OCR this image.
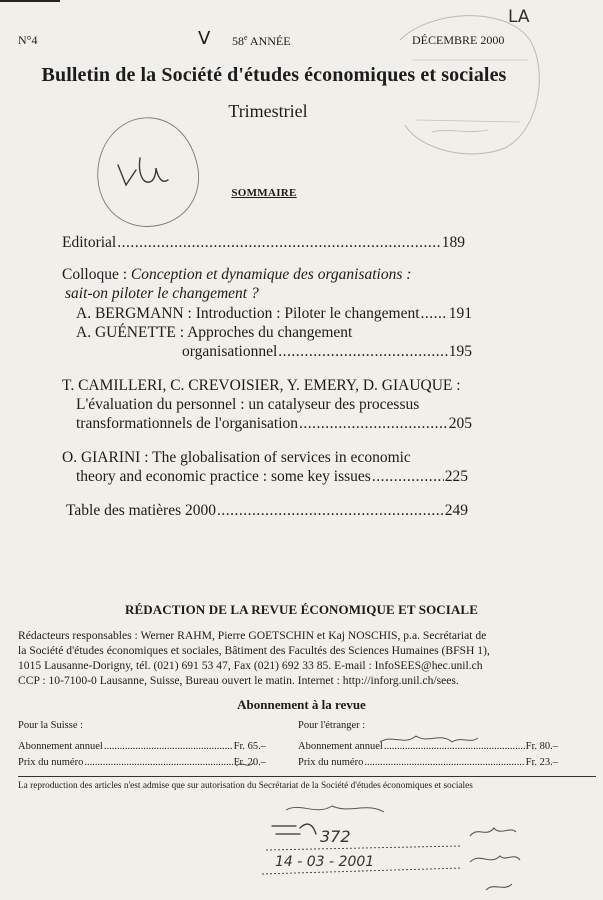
N°4	V 58e ANNÉE	DÉCEMBRE 2000
Bulletin de la Société d'études économiques et sociales
Trimestriel
SOMMAIRE
Editorial .....	189
Colloque : Conception et dynamique des organisations :
sait-on piloter le changement ?
A. BERGMANN : Introduction : Piloter le changement ..... 191
A. GUÉNETTE : Approches du changement
organisationnel .....	195
T. CAMILLERI, C. CREVOISIER, Y. EMERY, D. GIAUQUE :
L'évaluation du personnel : un catalyseur des processus
transformationnels de l'organisation .....	205
O. GIARINI : The globalisation of services in economic
theory and economic practice : some key issues .....	225
Table des matières 2000 .....	249
RÉDACTION DE LA REVUE ÉCONOMIQUE ET SOCIALE
Rédacteurs responsables : Werner RAHM, Pierre GOETSCHIN et Kaj NOSCHIS, p.a. Secrétariat de
la Société d'études économiques et sociales, Bâtiment des Facultés des Sciences Humaines (BFSH 1),
1015 Lausanne-Dorigny, tél. (021) 691 53 47, Fax (021) 692 33 85. E-mail : InfoSEES@hec.unil.ch
CCP : 10-7100-0 Lausanne, Suisse, Bureau ouvert le matin. Internet : http://inforg.unil.ch/sees.
Abonnement à la revue
Pour la Suisse :	Pour l'étranger :
Abonnement annuel .....	Fr. 65.–
Prix du numéro .....	Fr. 20.–
Abonnement annuel .....	Fr. 80.–
Prix du numéro .....	Fr. 23.–
La reproduction des articles n'est admise que sur autorisation du Secrétariat de la Société d'études économiques et sociales
LA
372
14 - 03 - 2001
